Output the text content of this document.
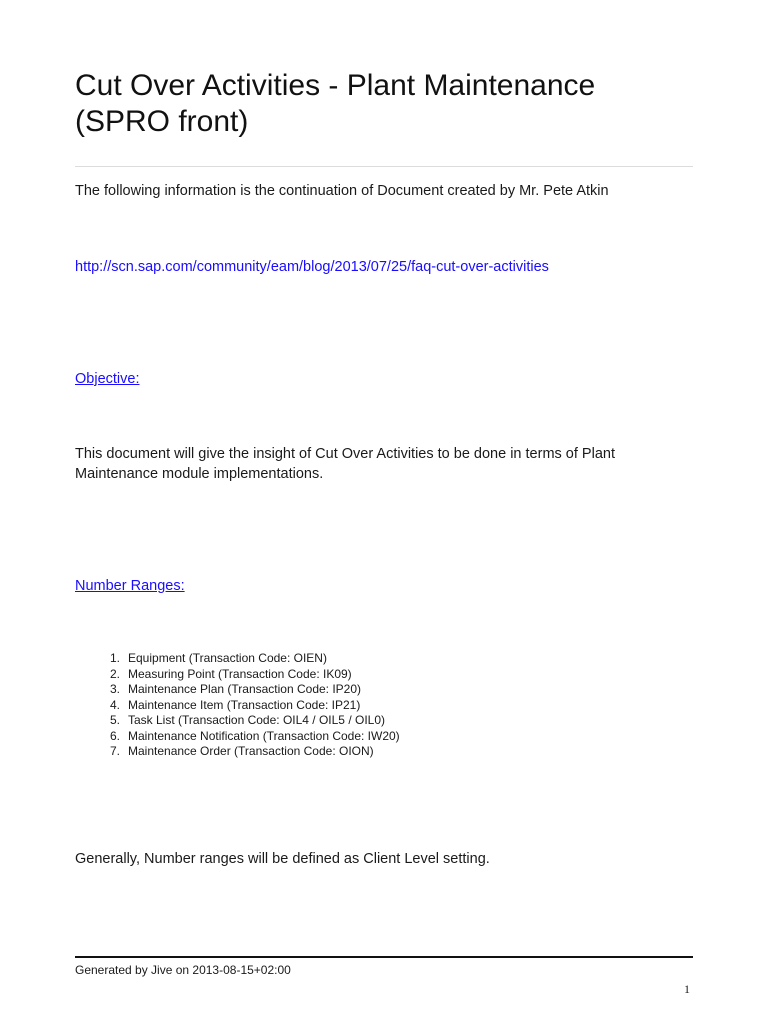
Cut Over Activities - Plant Maintenance (SPRO front)

The following information is the continuation of Document created by Mr. Pete Atkin

http://scn.sap.com/community/eam/blog/2013/07/25/faq-cut-over-activities

Objective:

This document will give the insight of Cut Over Activities to be done in terms of Plant Maintenance module implementations.

Number Ranges:

1. Equipment (Transaction Code: OIEN)
2. Measuring Point (Transaction Code: IK09)
3. Maintenance Plan (Transaction Code: IP20)
4. Maintenance Item (Transaction Code: IP21)
5. Task List (Transaction Code: OIL4 / OIL5 / OIL0)
6. Maintenance Notification (Transaction Code: IW20)
7. Maintenance Order (Transaction Code: OION)

Generally, Number ranges will be defined as Client Level setting.

Generated by Jive on 2013-08-15+02:00

1
